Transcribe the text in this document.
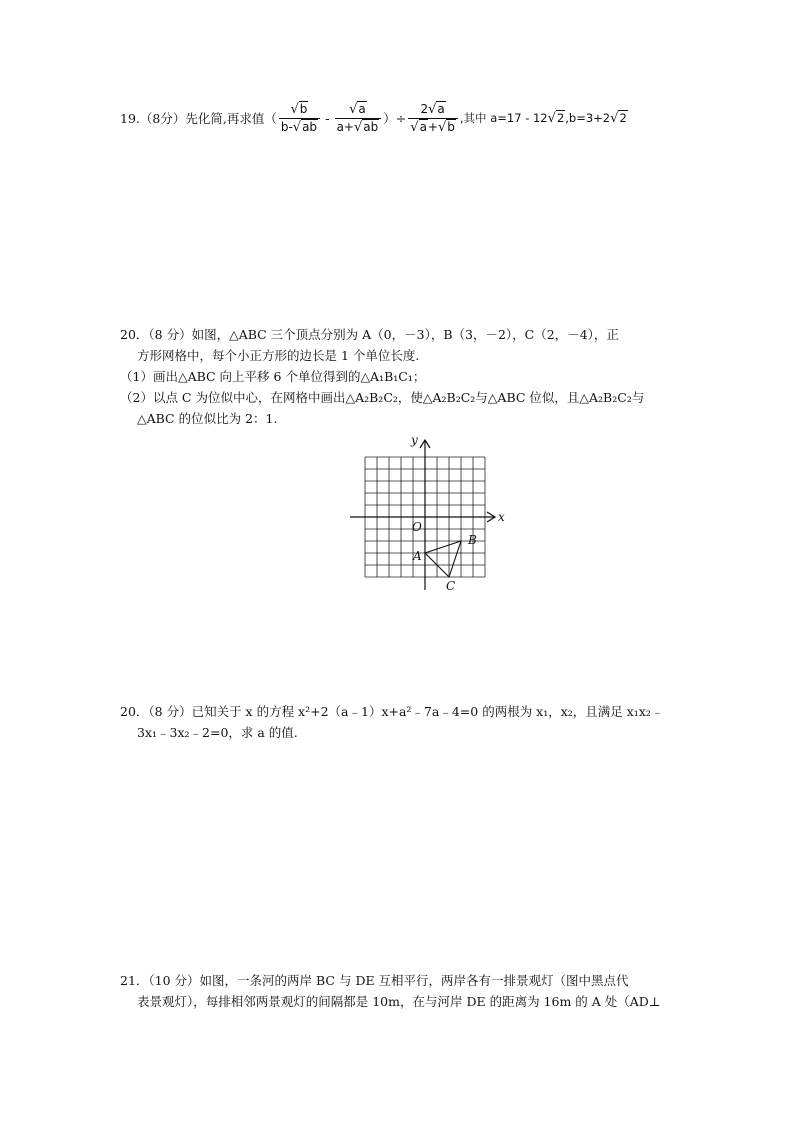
19 . （8分） 先化简,再求值（ $\frac{√b}{b-√ab} - \frac{√a}{a+√ab}$ ）÷ $\frac{2√a}{√a+√b}$ ,其中 a=17 - 12 √2 ,b=3+2 √2
20．（8 分）如图，△ABC 三个顶点分别为 A（0，－3），B（3，－2），C（2，－4），正
方形网格中，每个小正方形的边长是 1 个单位长度.
（1）画出△ABC 向上平移 6 个单位得到的△A₁B₁C₁；
（2）以点 C 为位似中心，在网格中画出△A₂B₂C₂，使△A₂B₂C₂与△ABC 位似，且△A₂B₂C₂与
△ABC 的位似比为 2：1.
y
x
O
A
B
C
20．（8 分）已知关于 x 的方程 x²+2（a﹣1）x+a²﹣7a﹣4=0 的两根为 x₁，x₂，且满足 x₁x₂﹣
3x₁﹣3x₂﹣2=0，求 a 的值.
21．（10 分）如图，一条河的两岸 BC 与 DE 互相平行，两岸各有一排景观灯（图中黑点代
表景观灯），每排相邻两景观灯的间隔都是 10m，在与河岸 DE 的距离为 16m 的 A 处（AD⊥
